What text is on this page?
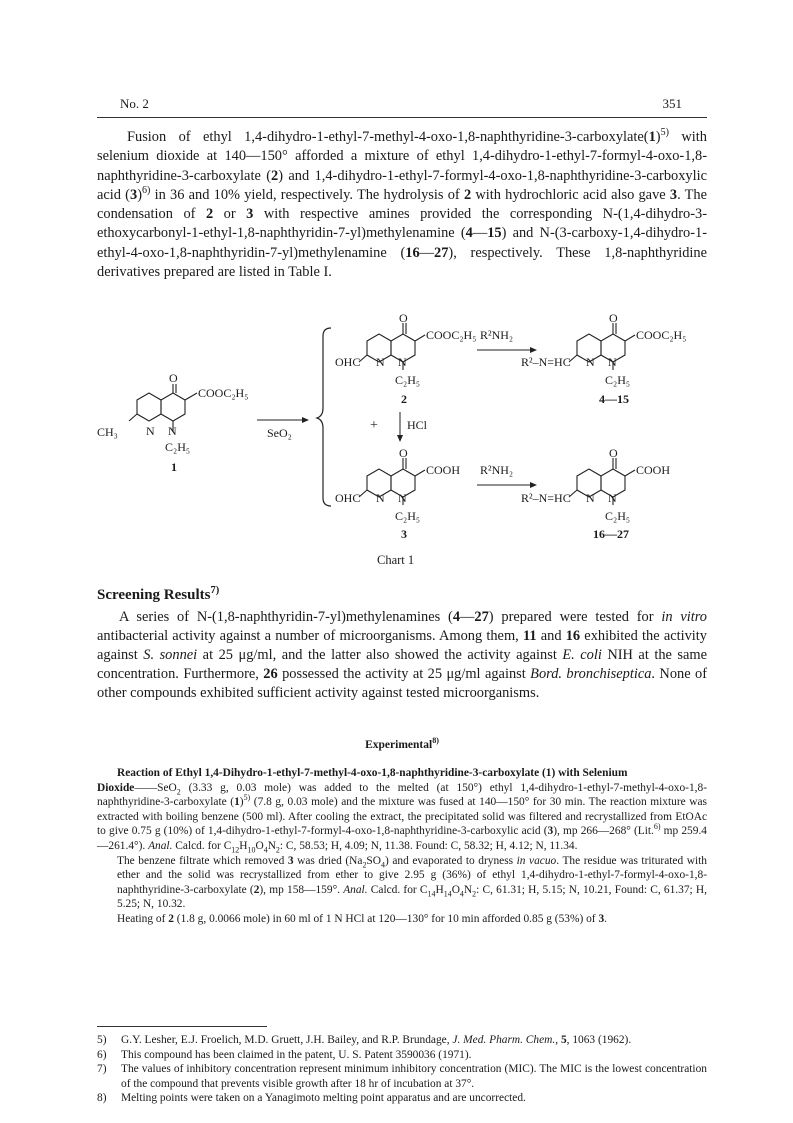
No. 2	351

Fusion of ethyl $1,4-dihydro-1-ethyl-7-methyl-4-oxo-1,8-naphthyridine-3-carboxylate(1)^{5)}$ with selenium dioxide at 140—150° afforded a mixture of ethyl 1,4-dihydro-1-ethyl-7-formyl-4-oxo-1,8-naphthyridine-3-carboxylate (2) and 1,4-dihydro-1-ethyl-7-formyl-4-oxo-1,8-naphthyridine-3-carboxylic acid $(3)^{6)}$ in 36 and 10% yield, respectively. The hydrolysis of 2 with hydrochloric acid also gave 3. The condensation of 2 or 3 with respective amines provided the corresponding N-(1,4-dihydro-3-ethoxycarbonyl-1-ethyl-1,8-naphthyridin-7-yl)methylenamine (4—15) and N-(3-carboxy-1,4-dihydro-1-ethyl-4-oxo-1,8-naphthyridin-7-yl)methylenamine (16—27), respectively. These 1,8-naphthyridine derivatives prepared are listed in Table I.

O
COOC₂H₅
CH₃ N N
C₂H₅
1
SeO₂
O
COOC₂H₅
OHC N N
C₂H₅
2
R²NH₂
O
COOC₂H₅
R²–N=HC N N
C₂H₅
4—15
+ HCl
O
COOH
OHC N N
C₂H₅
3
R²NH₂
O
COOH
R²–N=HC N N
C₂H₅
16—27
Chart 1
Screening Results$^{7)}$

A series of N-(1,8-naphthyridin-7-yl)methylenamines (4—27) prepared were tested for in vitro antibacterial activity against a number of microorganisms. Among them, 11 and 16 exhibited the activity against S. sonnei at 25 μg/ml, and the latter also showed the activity against E. coli NIH at the same concentration. Furthermore, 26 possessed the activity at 25 μg/ml against Bord. bronchiseptica. None of other compounds exhibited sufficient activity against tested microorganisms.

Experimental$^{8)}$

Reaction of Ethyl 1,4-Dihydro-1-ethyl-7-methyl-4-oxo-1,8-naphthyridine-3-carboxylate (1) with Selenium

Dioxide——SeO$_2$ (3.33 g, 0.03 mole) was added to the melted (at 150°) ethyl 1,4-dihydro-1-ethyl-7-methyl-4-oxo-1,8-naphthyridine-3-carboxylate $(1)^{5)}$ (7.8 g, 0.03 mole) and the mixture was fused at 140—150° for 30 min. The reaction mixture was extracted with boiling benzene (500 ml). After cooling the extract, the precipitated solid was filtered and recrystallized from EtOAc to give 0.75 g (10%) of 1,4-dihydro-1-ethyl-7-formyl-4-oxo-1,8-naphthyridine-3-carboxylic acid (3), mp 266—268° (Lit.$^{6)}$ mp 259.4—261.4°). Anal. Calcd. for $C_{12}H_{10}O_4N_2$: C, 58.53; H, 4.09; N, 11.38. Found: C, 58.32; H, 4.12; N, 11.34.

The benzene filtrate which removed 3 was dried $(Na_2SO_4)$ and evaporated to dryness in vacuo. The residue was triturated with ether and the solid was recrystallized from ether to give 2.95 g (36%) of ethyl 1,4-dihydro-1-ethyl-7-formyl-4-oxo-1,8-naphthyridine-3-carboxylate (2), mp 158—159°. Anal. Calcd. for $C_{14}H_{14}O_4N_2$: C, 61.31; H, 5.15; N, 10.21, Found: C, 61.37; H, 5.25; N, 10.32.

Heating of 2 (1.8 g, 0.0066 mole) in 60 ml of 1 N HCl at 120—130° for 10 min afforded 0.85 g (53%) of 3.

5) G.Y. Lesher, E.J. Froelich, M.D. Gruett, J.H. Bailey, and R.P. Brundage, J. Med. Pharm. Chem., 5, 1063 (1962).

6) This compound has been claimed in the patent, U. S. Patent 3590036 (1971).

7) The values of inhibitory concentration represent minimum inhibitory concentration (MIC). The MIC is the lowest concentration of the compound that prevents visible growth after 18 hr of incubation at 37°.

8) Melting points were taken on a Yanagimoto melting point apparatus and are uncorrected.
